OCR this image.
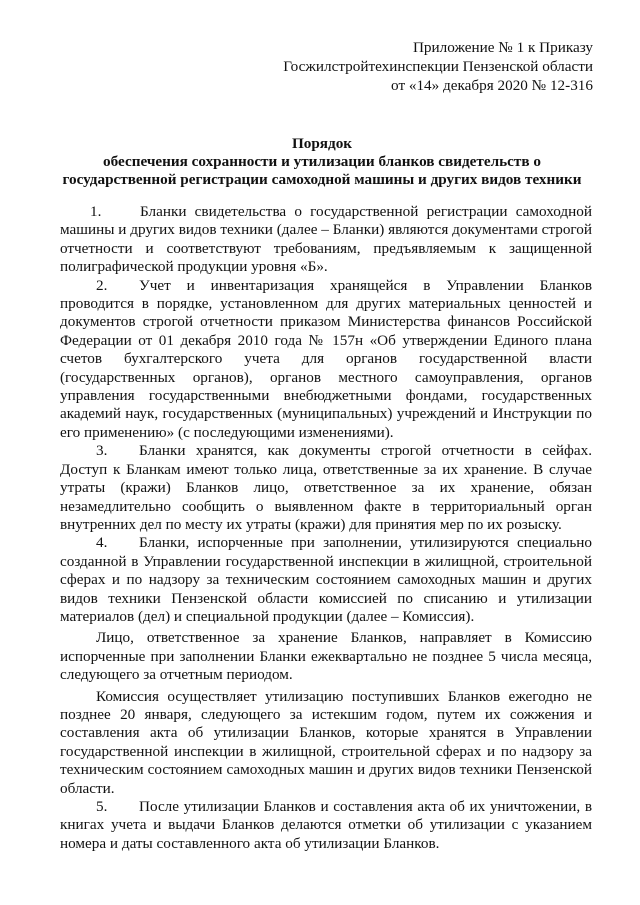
Приложение № 1 к Приказу
Госжилстройтехинспекции Пензенской области
от «14» декабря 2020 № 12-316
Порядок
обеспечения сохранности и утилизации бланков свидетельств о
государственной регистрации самоходной машины и других видов техники

1.	Бланки свидетельства о государственной регистрации самоходной машины и других видов техники (далее – Бланки) являются документами строгой отчетности и соответствуют требованиям, предъявляемым к защищенной полиграфической продукции уровня «Б».

2. Учет и инвентаризация хранящейся в Управлении Бланков проводится в порядке, установленном для других материальных ценностей и документов строгой отчетности приказом Министерства финансов Российской Федерации от 01 декабря 2010 года № 157н «Об утверждении Единого плана счетов бухгалтерского учета для органов государственной власти (государственных органов), органов местного самоуправления, органов управления государственными внебюджетными фондами, государственных академий наук, государственных (муниципальных) учреждений и Инструкции по его применению» (с последующими изменениями).

3. Бланки хранятся, как документы строгой отчетности в сейфах. Доступ к Бланкам имеют только лица, ответственные за их хранение. В случае утраты (кражи) Бланков лицо, ответственное за их хранение, обязан незамедлительно сообщить о выявленном факте в территориальный орган внутренних дел по месту их утраты (кражи) для принятия мер по их розыску.

4. Бланки, испорченные при заполнении, утилизируются специально созданной в Управлении государственной инспекции в жилищной, строительной сферах и по надзору за техническим состоянием самоходных машин и других видов техники Пензенской области комиссией по списанию и утилизации материалов (дел) и специальной продукции (далее – Комиссия).

Лицо, ответственное за хранение Бланков, направляет в Комиссию испорченные при заполнении Бланки ежеквартально не позднее 5 числа месяца, следующего за отчетным периодом.

Комиссия осуществляет утилизацию поступивших Бланков ежегодно не позднее 20 января, следующего за истекшим годом, путем их сожжения и составления акта об утилизации Бланков, которые хранятся в Управлении государственной инспекции в жилищной, строительной сферах и по надзору за техническим состоянием самоходных машин и других видов техники Пензенской области.

5. После утилизации Бланков и составления акта об их уничтожении, в книгах учета и выдачи Бланков делаются отметки об утилизации с указанием номера и даты составленного акта об утилизации Бланков.
